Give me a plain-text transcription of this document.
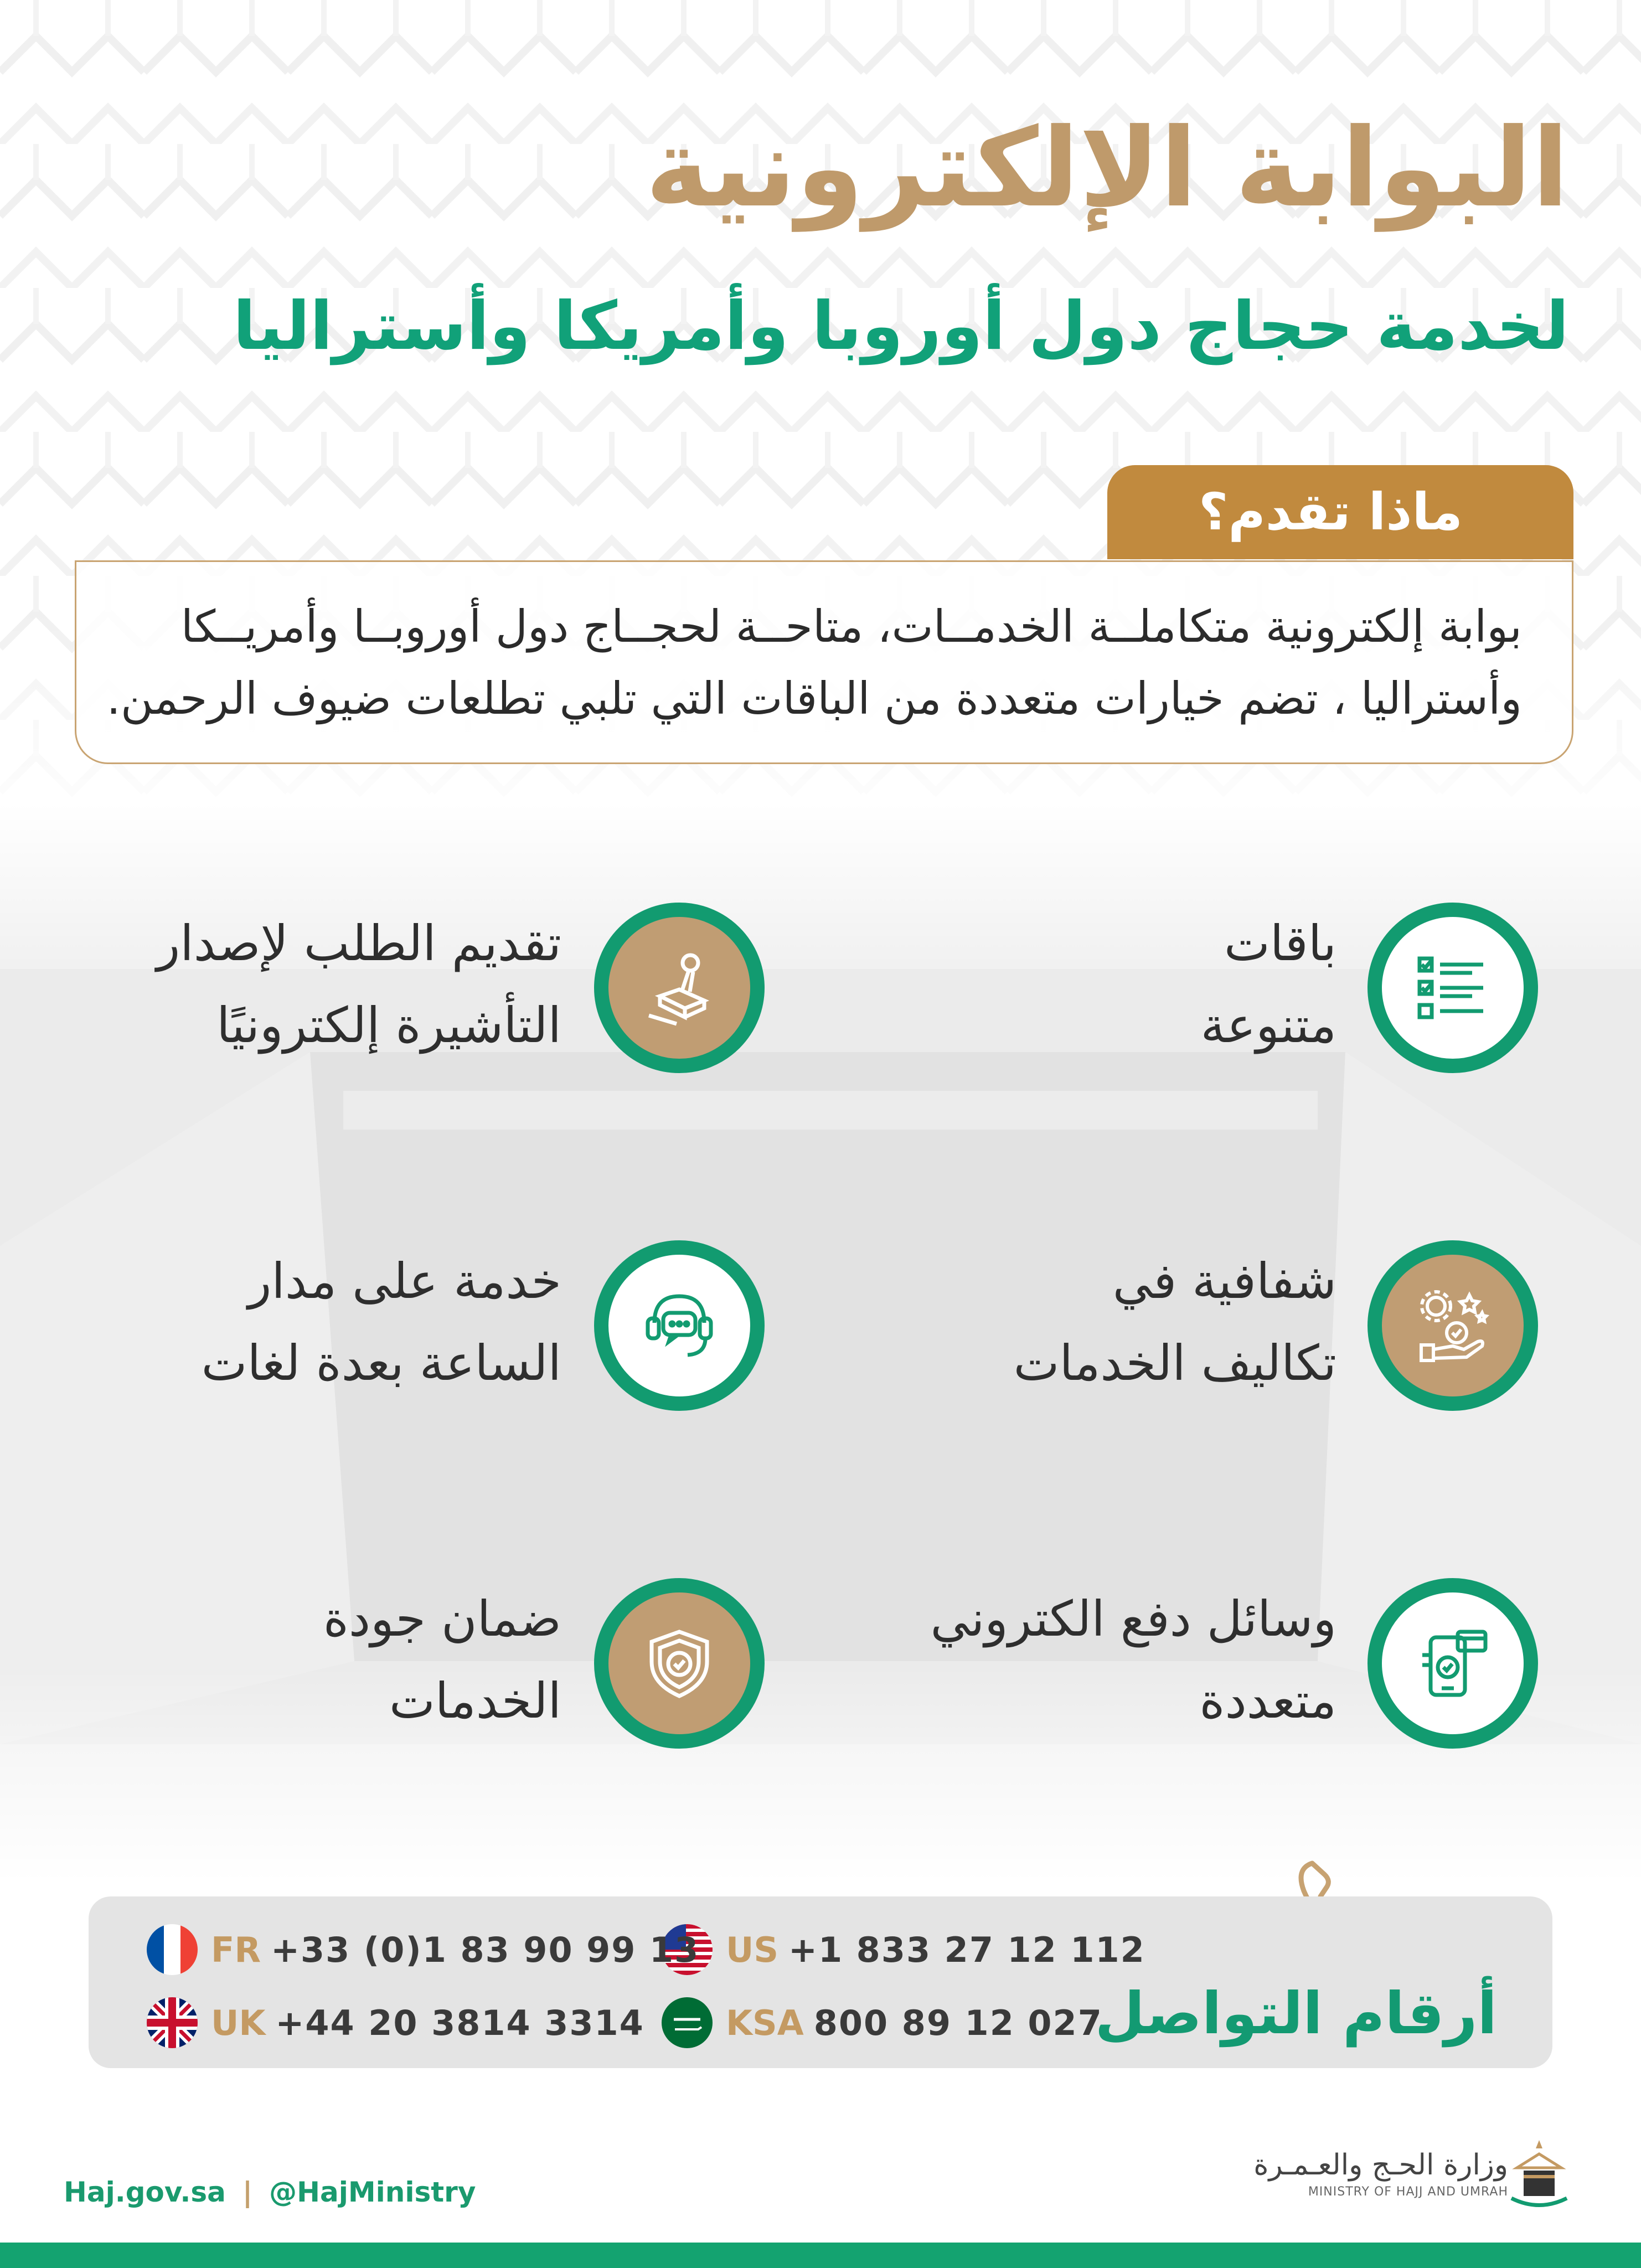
البوابة الإلكترونية
لخدمة حجاج دول أوروبا وأمريكا وأستراليا
ماذا تقدم؟

بوابة إلكترونية متكاملــة الخدمــات، متاحــة لحجــاج دول أوروبــا وأمريــكا

وأستراليا ، تضم خيارات متعددة من الباقات التي تلبي تطلعات ضيوف الرحمن.

باقات
متنوعة
تقديم الطلب لإصدار
التأشيرة إلكترونيًا
شفافية في
تكاليف الخدمات
خدمة على مدار
الساعة بعدة لغات
وسائل دفع الكتروني
متعددة
ضمان جودة
الخدمات
أرقام التواصل
US +1 833 27 12 112
FR +33 (0)1 83 90 99 13
KSA 800 89 12 027
UK +44 20 3814 3314
Haj.gov.sa | @HajMinistry
وزارة الحـج والعـمـرة
MINISTRY OF HAJJ AND UMRAH
